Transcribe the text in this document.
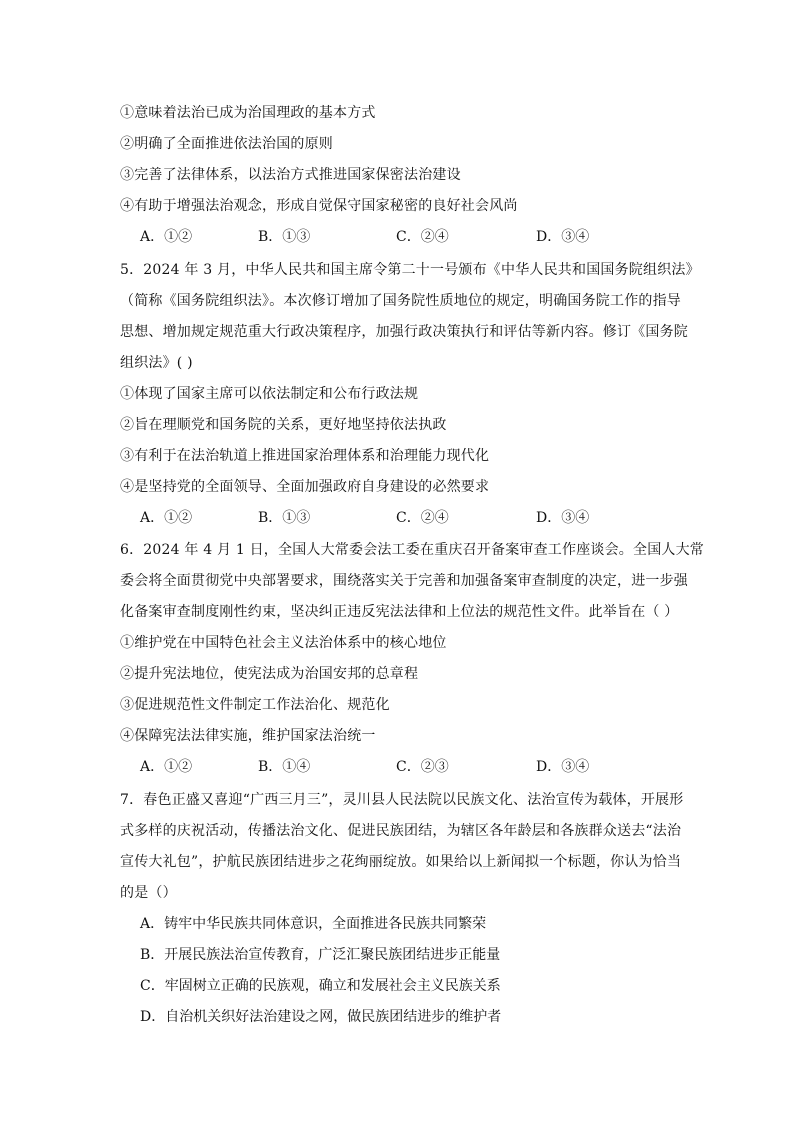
①意味着法治已成为治国理政的基本方式
②明确了全面推进依法治国的原则
③完善了法律体系，以法治方式推进国家保密法治建设
④有助于增强法治观念，形成自觉保守国家秘密的良好社会风尚
A．①②	B．①③	C．②④	D．③④
5．2024 年 3 月，中华人民共和国主席令第二十一号颁布《中华人民共和国国务院组织法》
（简称《国务院组织法》。本次修订增加了国务院性质地位的规定，明确国务院工作的指导
思想、增加规定规范重大行政决策程序，加强行政决策执行和评估等新内容。修订《国务院
组织法》( )
①体现了国家主席可以依法制定和公布行政法规
②旨在理顺党和国务院的关系，更好地坚持依法执政
③有利于在法治轨道上推进国家治理体系和治理能力现代化
④是坚持党的全面领导、全面加强政府自身建设的必然要求
A．①②	B．①③	C．②④	D．③④
6．2024 年 4 月 1 日，全国人大常委会法工委在重庆召开备案审查工作座谈会。全国人大常
委会将全面贯彻党中央部署要求，围绕落实关于完善和加强备案审查制度的决定，进一步强
化备案审查制度刚性约束，坚决纠正违反宪法法律和上位法的规范性文件。此举旨在（ ）
①维护党在中国特色社会主义法治体系中的核心地位
②提升宪法地位，使宪法成为治国安邦的总章程
③促进规范性文件制定工作法治化、规范化
④保障宪法法律实施，维护国家法治统一
A．①②	B．①④	C．②③	D．③④
7．春色正盛又喜迎“广西三月三”，灵川县人民法院以民族文化、法治宣传为载体，开展形
式多样的庆祝活动，传播法治文化、促进民族团结，为辖区各年龄层和各族群众送去“法治
宣传大礼包”，护航民族团结进步之花绚丽绽放。如果给以上新闻拟一个标题，你认为恰当
的是（）
A．铸牢中华民族共同体意识，全面推进各民族共同繁荣
B．开展民族法治宣传教育，广泛汇聚民族团结进步正能量
C．牢固树立正确的民族观，确立和发展社会主义民族关系
D．自治机关织好法治建设之网，做民族团结进步的维护者
